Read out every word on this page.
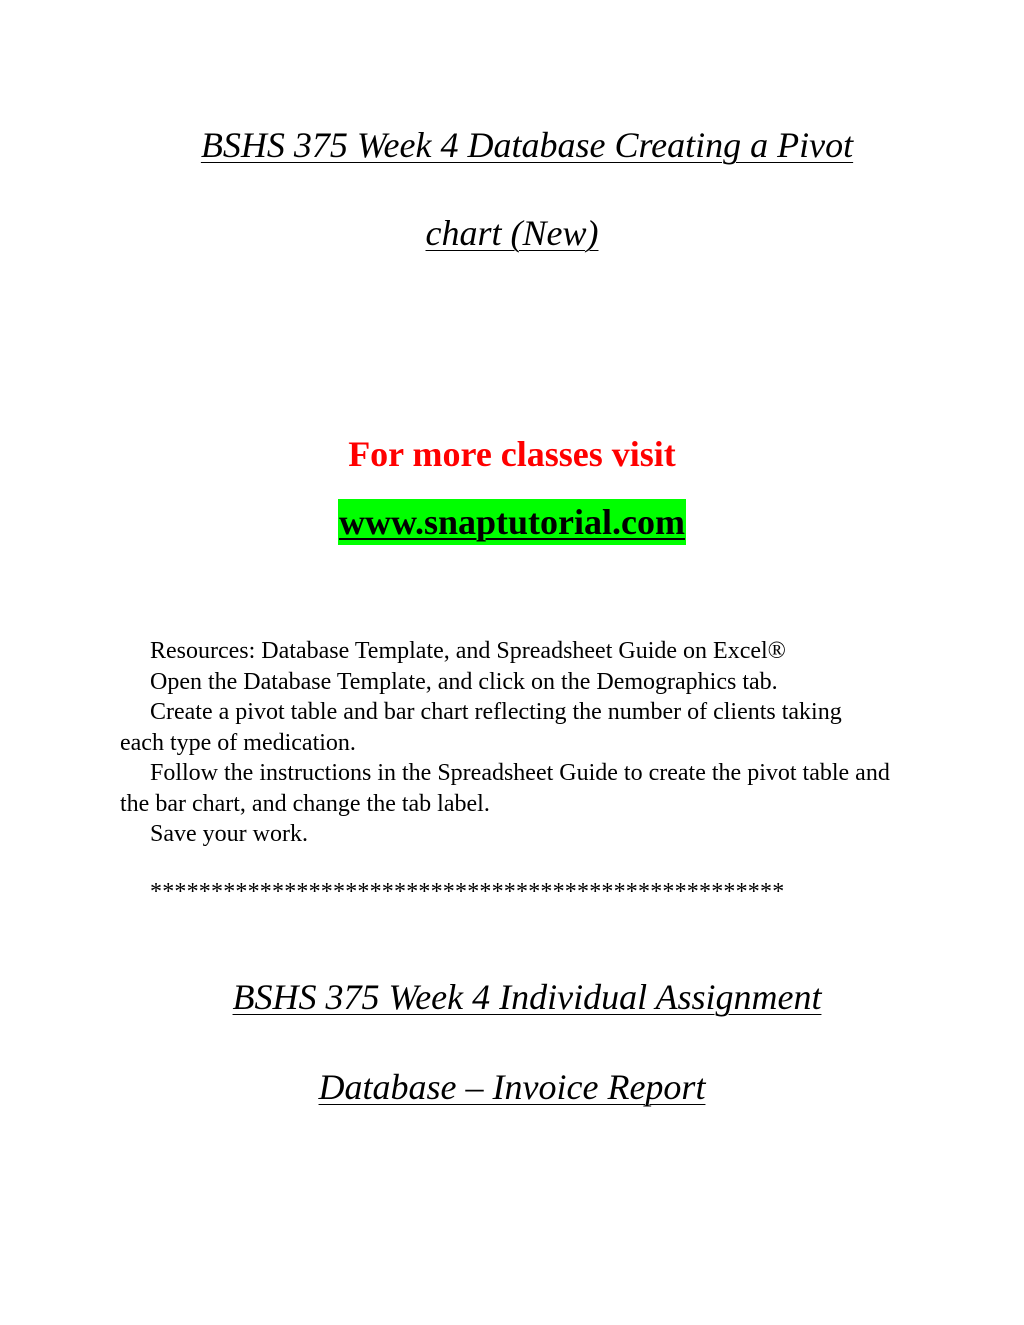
BSHS 375 Week 4 Database Creating a Pivot
chart (New)
For more classes visit
www.snaptutorial.com

Resources: Database Template, and Spreadsheet Guide on Excel®

Open the Database Template, and click on the Demographics tab.

Create a pivot table and bar chart reflecting the number of clients taking each type of medication.

Follow the instructions in the Spreadsheet Guide to create the pivot table and the bar chart, and change the tab label.

Save your work.

****************************************************
BSHS 375 Week 4 Individual Assignment
Database – Invoice Report
